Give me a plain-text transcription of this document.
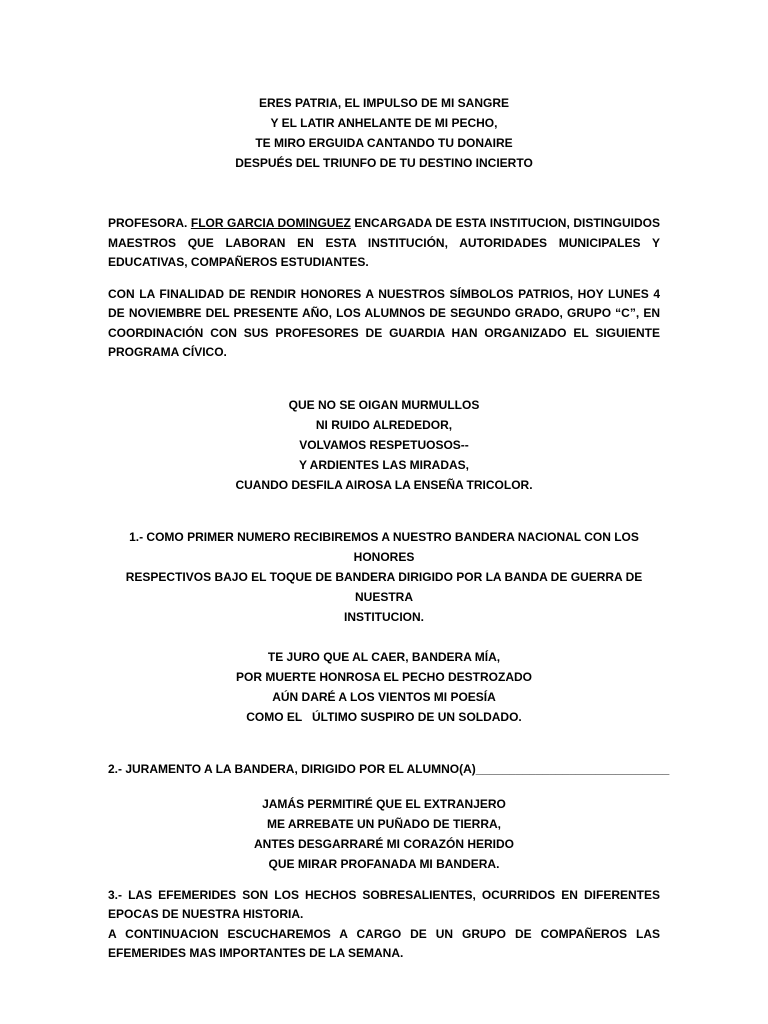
ERES PATRIA, EL IMPULSO DE MI SANGRE
Y EL LATIR ANHELANTE DE MI PECHO,
TE MIRO ERGUIDA CANTANDO TU DONAIRE
DESPUÉS DEL TRIUNFO DE TU DESTINO INCIERTO
PROFESORA. FLOR GARCIA DOMINGUEZ ENCARGADA DE ESTA INSTITUCION, DISTINGUIDOS MAESTROS QUE LABORAN EN ESTA INSTITUCIÓN, AUTORIDADES MUNICIPALES Y EDUCATIVAS, COMPAÑEROS ESTUDIANTES.
CON LA FINALIDAD DE RENDIR HONORES A NUESTROS SÍMBOLOS PATRIOS, HOY LUNES 4 DE NOVIEMBRE DEL PRESENTE AÑO, LOS ALUMNOS DE SEGUNDO GRADO, GRUPO “C”, EN COORDINACIÓN CON SUS PROFESORES DE GUARDIA HAN ORGANIZADO EL SIGUIENTE PROGRAMA CÍVICO.
QUE NO SE OIGAN MURMULLOS
NI RUIDO ALREDEDOR,
VOLVAMOS RESPETUOSOS--
Y ARDIENTES LAS MIRADAS,
CUANDO DESFILA AIROSA LA ENSEÑA TRICOLOR.
1.- COMO PRIMER NUMERO RECIBIREMOS A NUESTRO BANDERA NACIONAL CON LOS HONORES
RESPECTIVOS BAJO EL TOQUE DE BANDERA DIRIGIDO POR LA BANDA DE GUERRA DE NUESTRA
INSTITUCION.
TE JURO QUE AL CAER, BANDERA MÍA,
POR MUERTE HONROSA EL PECHO DESTROZADO
AÚN DARÉ A LOS VIENTOS MI POESÍA
COMO EL   ÚLTIMO SUSPIRO DE UN SOLDADO.
2.- JURAMENTO A LA BANDERA, DIRIGIDO POR EL ALUMNO(A)_____________________________
JAMÁS PERMITIRÉ QUE EL EXTRANJERO
ME ARREBATE UN PUÑADO DE TIERRA,
ANTES DESGARRARÉ MI CORAZÓN HERIDO
QUE MIRAR PROFANADA MI BANDERA.
3.- LAS EFEMERIDES SON LOS HECHOS SOBRESALIENTES, OCURRIDOS EN DIFERENTES EPOCAS DE NUESTRA HISTORIA.
A CONTINUACION ESCUCHAREMOS A CARGO DE UN GRUPO DE COMPAÑEROS LAS EFEMERIDES MAS IMPORTANTES DE LA SEMANA.
